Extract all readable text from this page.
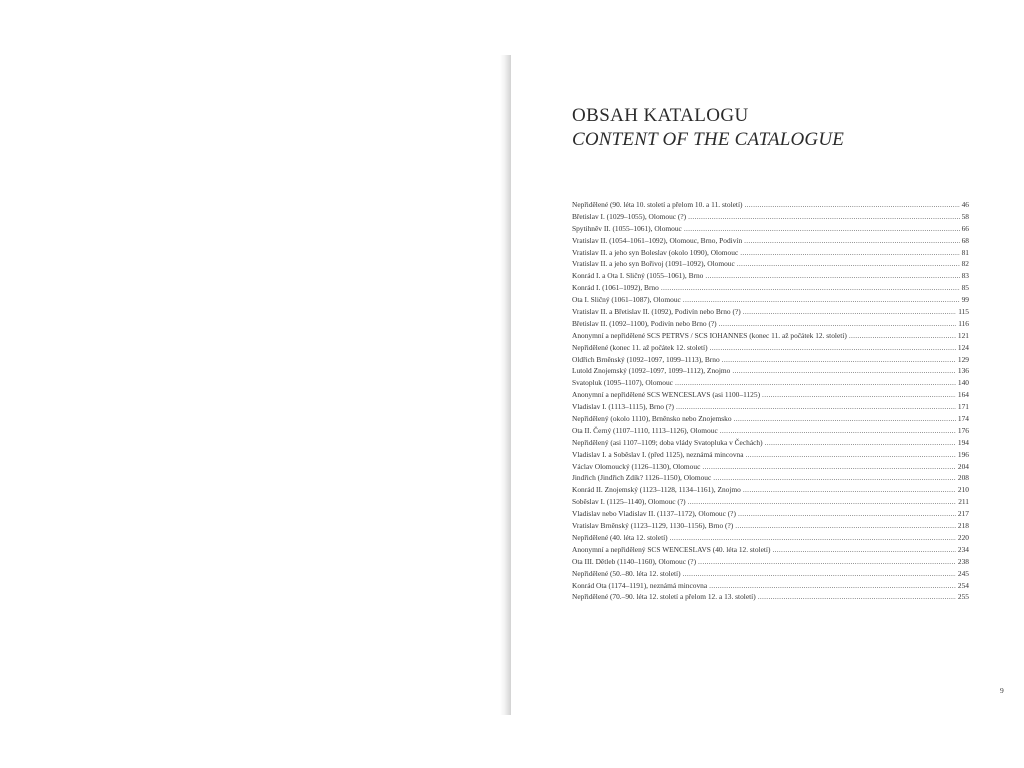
OBSAH KATALOGU
CONTENT OF THE CATALOGUE
Nepřidělené (90. léta 10. století a přelom 10. a 11. století) .....	46
Břetislav I. (1029–1055), Olomouc (?) .....	58
Spytihněv II. (1055–1061), Olomouc .....	66
Vratislav II. (1054–1061–1092), Olomouc, Brno, Podivín .....	68
Vratislav II. a jeho syn Boleslav (okolo 1090), Olomouc .....	81
Vratislav II. a jeho syn Bořivoj (1091–1092), Olomouc .....	82
Konrád I. a Ota I. Sličný (1055–1061), Brno .....	83
Konrád I. (1061–1092), Brno .....	85
Ota I. Sličný (1061–1087), Olomouc .....	99
Vratislav II. a Břetislav II. (1092), Podivín nebo Brno (?) .....	115
Břetislav II. (1092–1100), Podivín nebo Brno (?) .....	116
Anonymní a nepřidělené SCS PETRVS / SCS IOHANNES (konec 11. až počátek 12. století) .....	121
Nepřidělené (konec 11. až počátek 12. století) .....	124
Oldřich Brněnský (1092–1097, 1099–1113), Brno .....	129
Lutold Znojemský (1092–1097, 1099–1112), Znojmo .....	136
Svatopluk (1095–1107), Olomouc .....	140
Anonymní a nepřidělené SCS WENCESLAVS (asi 1100–1125) .....	164
Vladislav I. (1113–1115), Brno (?) .....	171
Nepřidělený (okolo 1110), Brněnsko nebo Znojemsko .....	174
Ota II. Černý (1107–1110, 1113–1126), Olomouc .....	176
Nepřidělený (asi 1107–1109; doba vlády Svatopluka v Čechách) .....	194
Vladislav I. a Soběslav I. (před 1125), neznámá mincovna .....	196
Václav Olomoucký (1126–1130), Olomouc .....	204
Jindřich (Jindřich Zdík? 1126–1150), Olomouc .....	208
Konrád II. Znojemský (1123–1128, 1134–1161), Znojmo .....	210
Soběslav I. (1125–1140), Olomouc (?) .....	211
Vladislav nebo Vladislav II. (1137–1172), Olomouc (?) .....	217
Vratislav Brněnský (1123–1129, 1130–1156), Brno (?) .....	218
Nepřidělené (40. léta 12. století) .....	220
Anonymní a nepřidělený SCS WENCESLAVS (40. léta 12. století) .....	234
Ota III. Dětleb (1140–1160), Olomouc (?) .....	238
Nepřidělené (50.–80. léta 12. století) .....	245
Konrád Ota (1174–1191), neznámá mincovna .....	254
Nepřidělené (70.–90. léta 12. století a přelom 12. a 13. století) .....	255
9
